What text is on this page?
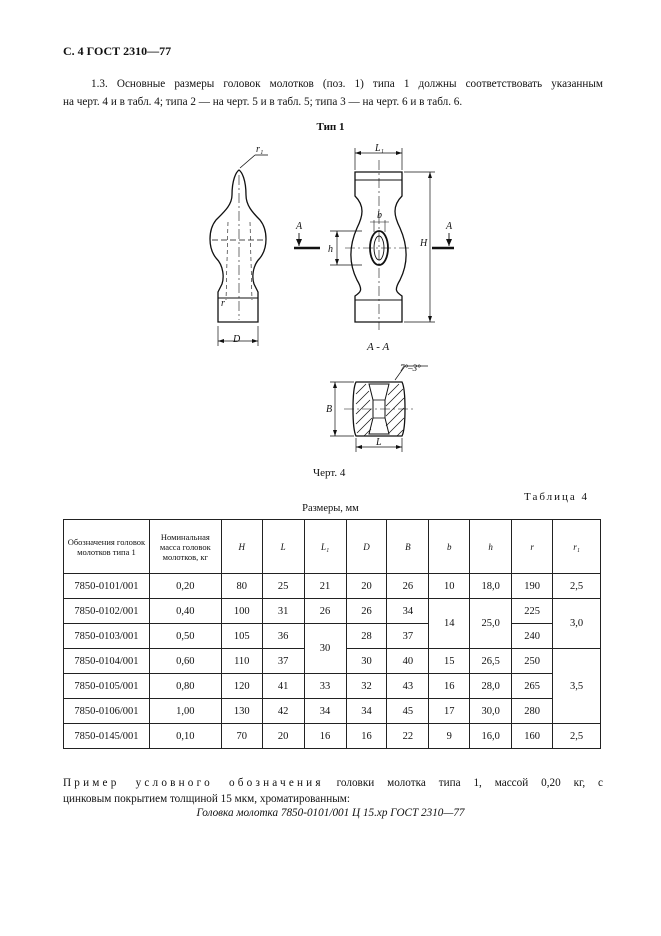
С. 4 ГОСТ 2310—77
1.3. Основные размеры головок молотков (поз. 1) типа 1 должны соответствовать указанным
на черт. 4 и в табл. 4; типа 2 — на черт. 5 и в табл. 5; типа 3 — на черт. 6 и в табл. 6.
Тип 1
r₁
D
r
A
h
b
L₁
H
A
A - A
7°–3°
B
L
Черт. 4
Таблица 4
Размеры, мм
Обозначения головок молотков типа 1	Номинальная масса головок молотков, кг	H	L	L₁	D	B	b	h	r	r₁
7850-0101/001	0,20	80	25	21	20	26	10	18,0	190	2,5
7850-0102/001	0,40	100	31	26	26	34	14	25,0	225	3,0
7850-0103/001	0,50	105	36	30	28	37			240	
7850-0104/001	0,60	110	37		30	40	15	26,5	250	3,5
7850-0105/001	0,80	120	41	33	32	43	16	28,0	265	
7850-0106/001	1,00	130	42	34	34	45	17	30,0	280	
7850-0145/001	0,10	70	20	16	16	22	9	16,0	160	2,5
Пример условного обозначения головки молотка типа 1, массой 0,20 кг, с
цинковым покрытием толщиной 15 мкм, хроматированным:
Головка молотка 7850-0101/001 Ц 15.хр ГОСТ 2310—77
